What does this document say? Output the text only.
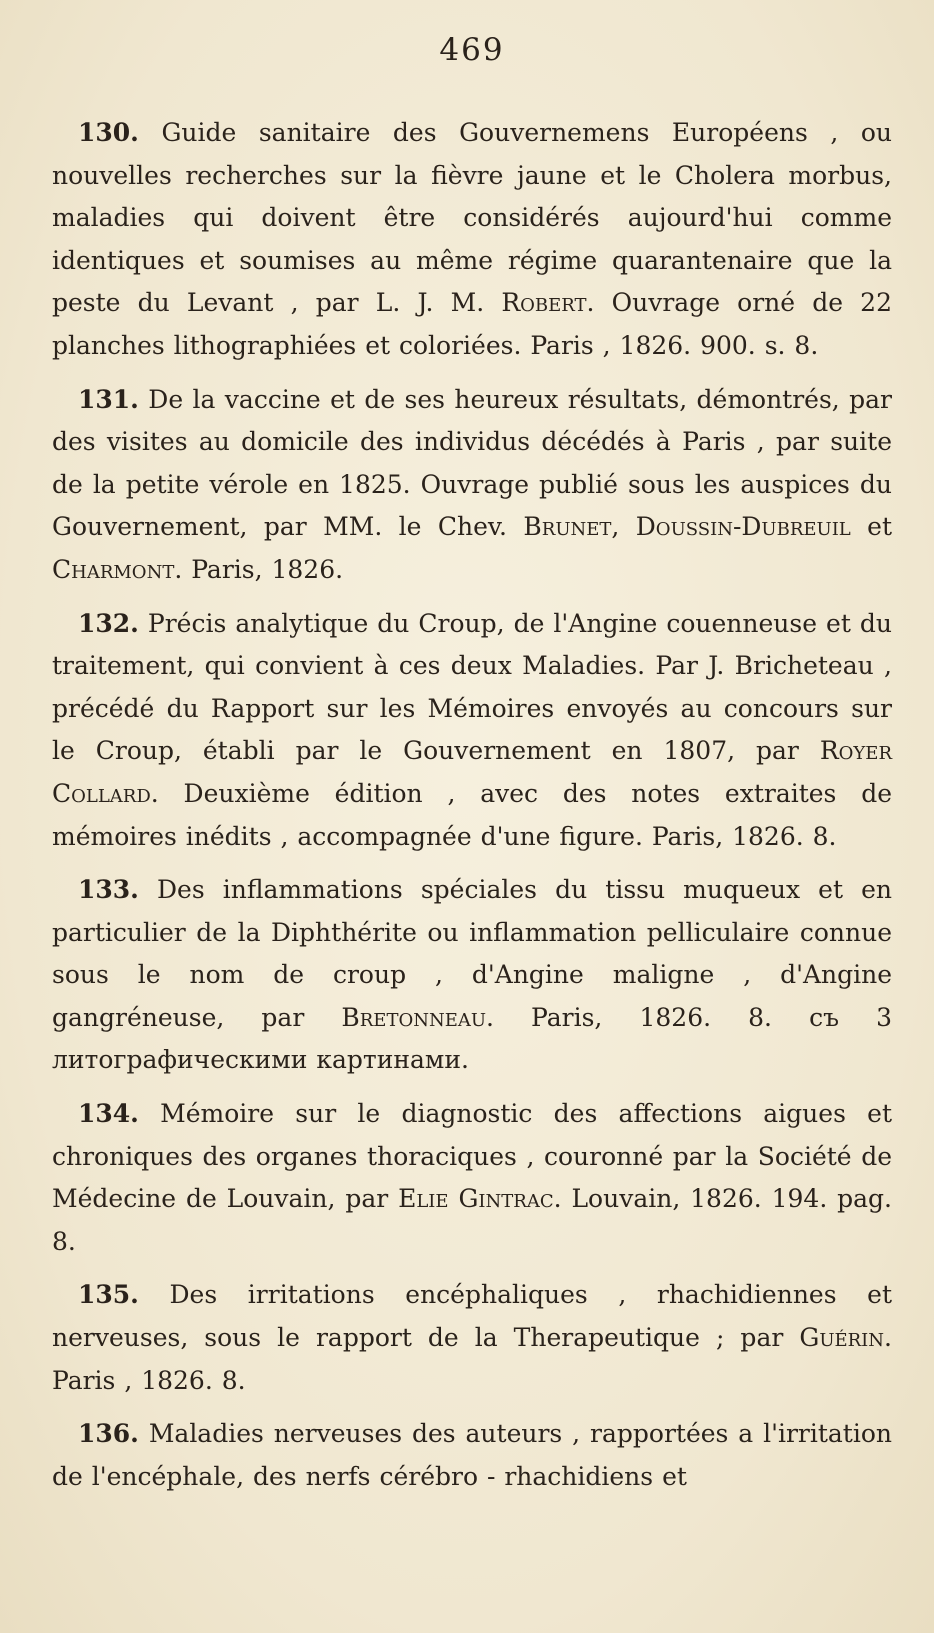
469

130. Guide sanitaire des Gouvernemens Européens , ou nouvelles recherches sur la fièvre jaune et le Cholera morbus, maladies qui doivent être considérés aujourd'hui comme identiques et soumises au même régime quarantenaire que la peste du Levant , par L. J. M. Robert. Ouvrage orné de 22 planches lithographiées et coloriées. Paris , 1826. 900. s. 8.

131. De la vaccine et de ses heureux résultats, démontrés, par des visites au domicile des individus décédés à Paris , par suite de la petite vérole en 1825. Ouvrage publié sous les auspices du Gouvernement, par MM. le Chev. Brunet, Doussin-Dubreuil et Charmont. Paris, 1826.

132. Précis analytique du Croup, de l'Angine couenneuse et du traitement, qui convient à ces deux Maladies. Par J. Bricheteau , précédé du Rapport sur les Mémoires envoyés au concours sur le Croup, établi par le Gouvernement en 1807, par Royer Collard. Deuxième édition , avec des notes extraites de mémoires inédits , accompagnée d'une figure. Paris, 1826. 8.

133. Des inflammations spéciales du tissu muqueux et en particulier de la Diphthérite ou inflammation pelliculaire connue sous le nom de croup , d'Angine maligne , d'Angine gangréneuse, par Bretonneau. Paris, 1826. 8. съ 3 литографическими картинами.

134. Mémoire sur le diagnostic des affections aigues et chroniques des organes thoraciques , couronné par la Société de Médecine de Louvain, par Elie Gintrac. Louvain, 1826. 194. pag. 8.

135. Des irritations encéphaliques , rhachidiennes et nerveuses, sous le rapport de la Therapeutique ; par Guérin. Paris , 1826. 8.

136. Maladies nerveuses des auteurs , rapportées a l'irritation de l'encéphale, des nerfs cérébro - rhachidiens et
